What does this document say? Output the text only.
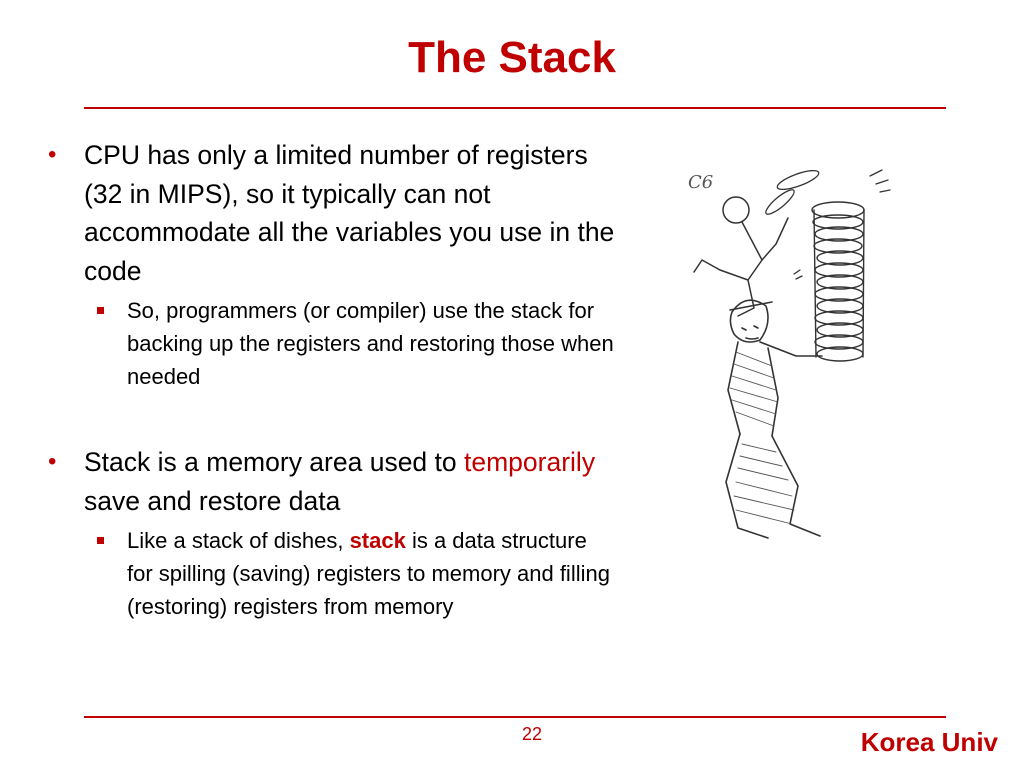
The Stack
• CPU has only a limited number of registers (32 in MIPS), so it typically can not accommodate all the variables you use in the code
So, programmers (or compiler) use the stack for backing up the registers and restoring those when needed
• Stack is a memory area used to temporarily save and restore data
Like a stack of dishes, stack is a data structure for spilling (saving) registers to memory and filling (restoring) registers from memory
C6
22	Korea Univ
